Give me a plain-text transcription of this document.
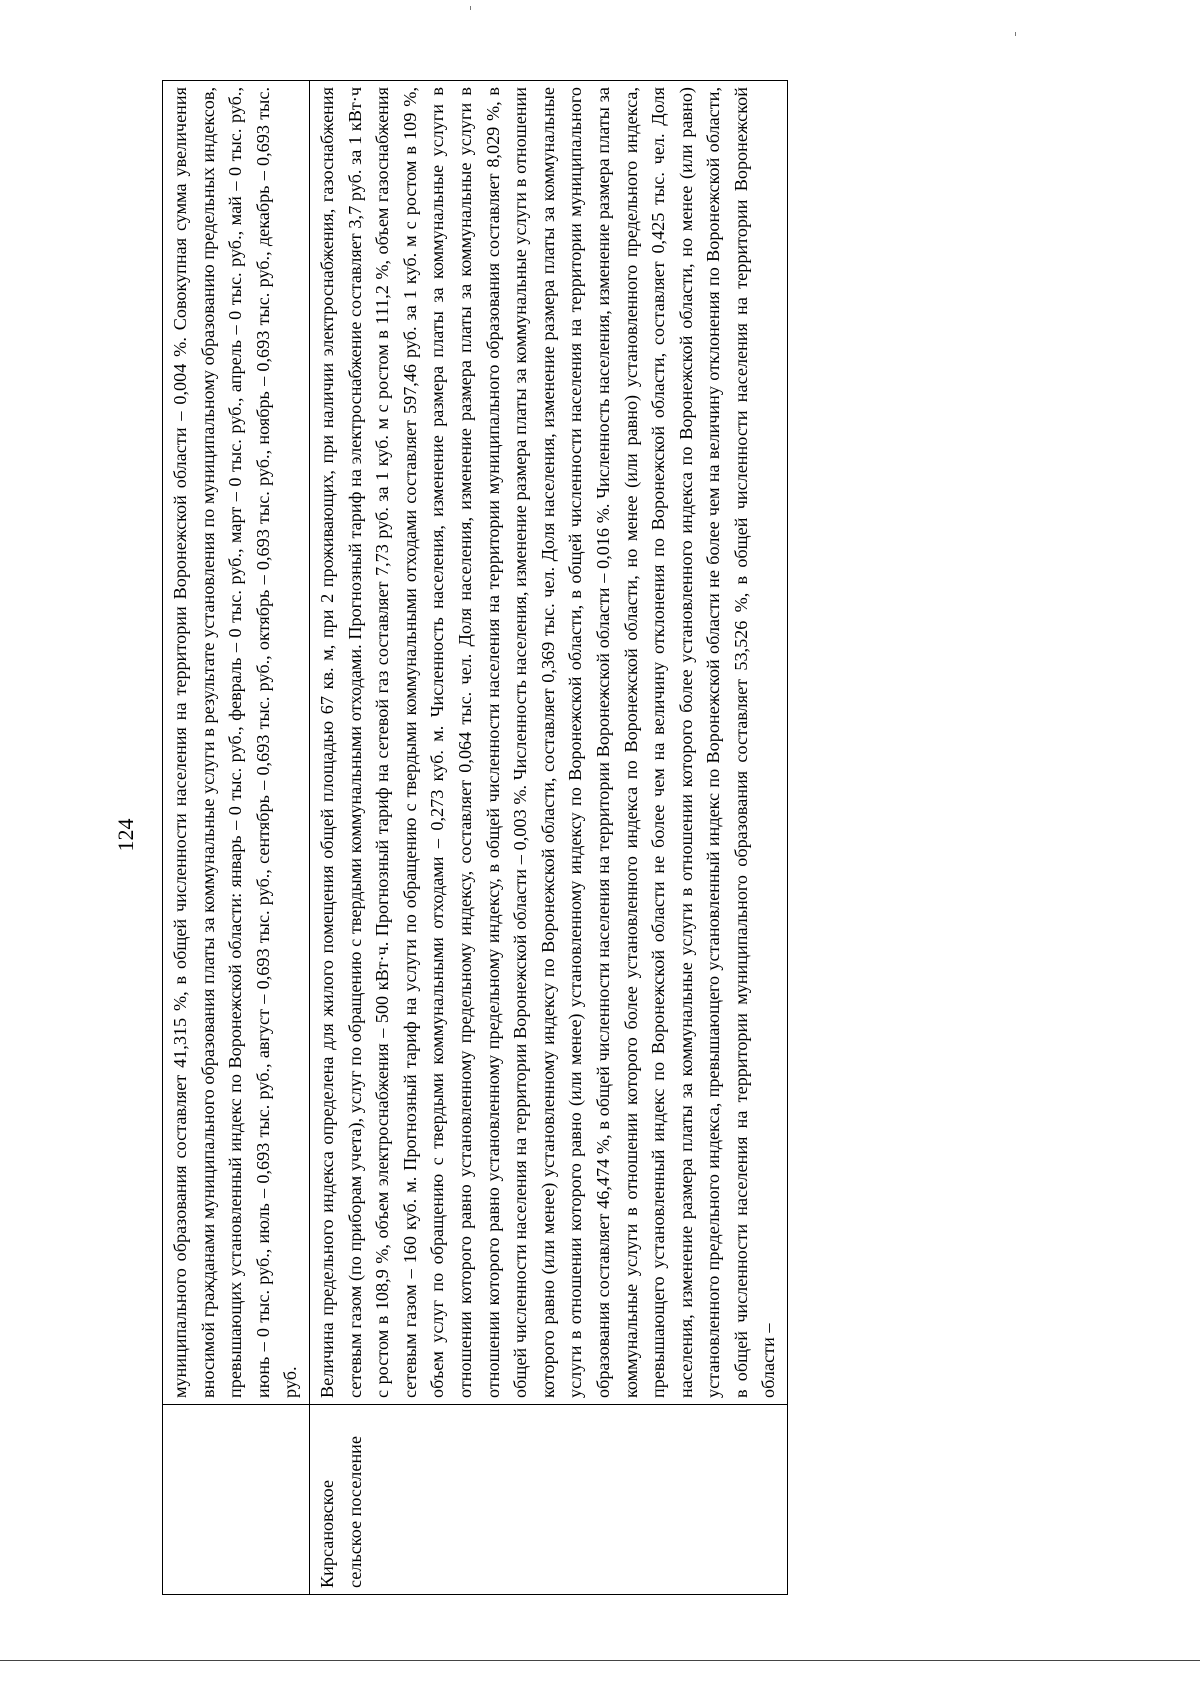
124
		муниципального образования составляет 41,315 %, в общей численности населения на территории Воронежской области – 0,004 %. Совокупная сумма увеличения вносимой гражданами муниципального образования платы за коммунальные услуги в результате установления по муниципальному образованию предельных индексов, превышающих установленный индекс по Воронежской области: январь – 0 тыс. руб., февраль – 0 тыс. руб., март – 0 тыс. руб., апрель – 0 тыс. руб., май – 0 тыс. руб., июнь – 0 тыс. руб., июль – 0,693 тыс. руб., август – 0,693 тыс. руб., сентябрь – 0,693 тыс. руб., октябрь – 0,693 тыс. руб., ноябрь – 0,693 тыс. руб., декабрь – 0,693 тыс. руб.
Кирсановское сельское поселение	Величина предельного индекса определена для жилого помещения общей площадью 67 кв. м, при 2 проживающих, при наличии электроснабжения, газоснабжения сетевым газом (по приборам учета), услуг по обращению с твердыми коммунальными отходами. Прогнозный тариф на электроснабжение составляет 3,7 руб. за 1 кВт·ч с ростом в 108,9 %, объем электроснабжения – 500 кВт·ч. Прогнозный тариф на сетевой газ составляет 7,73 руб. за 1 куб. м с ростом в 111,2 %, объем газоснабжения сетевым газом – 160 куб. м. Прогнозный тариф на услуги по обращению с твердыми коммунальными отходами составляет 597,46 руб. за 1 куб. м с ростом в 109 %, объем услуг по обращению с твердыми коммунальными отходами – 0,273 куб. м. Численность населения, изменение размера платы за коммунальные услуги в отношении которого равно установленному предельному индексу, составляет 0,064 тыс. чел. Доля населения, изменение размера платы за коммунальные услуги в отношении которого равно установленному предельному индексу, в общей численности населения на территории муниципального образования составляет 8,029 %, в общей численности населения на территории Воронежской области – 0,003 %. Численность населения, изменение размера платы за коммунальные услуги в отношении которого равно (или менее) установленному индексу по Воронежской области, составляет 0,369 тыс. чел. Доля населения, изменение размера платы за коммунальные услуги в отношении которого равно (или менее) установленному индексу по Воронежской области, в общей численности населения на территории муниципального образования составляет 46,474 %, в общей численности населения на территории Воронежской области – 0,016 %. Численность населения, изменение размера платы за коммунальные услуги в отношении которого более установленного индекса по Воронежской области, но менее (или равно) установленного предельного индекса, превышающего установленный индекс по Воронежской области не более чем на величину отклонения по Воронежской области, составляет 0,425 тыс. чел. Доля населения, изменение размера платы за коммунальные услуги в отношении которого более установленного индекса по Воронежской области, но менее (или равно) установленного предельного индекса, превышающего установленный индекс по Воронежской области не более чем на величину отклонения по Воронежской области, в общей численности населения на территории муниципального образования составляет 53,526 %, в общей численности населения на территории Воронежской области –
